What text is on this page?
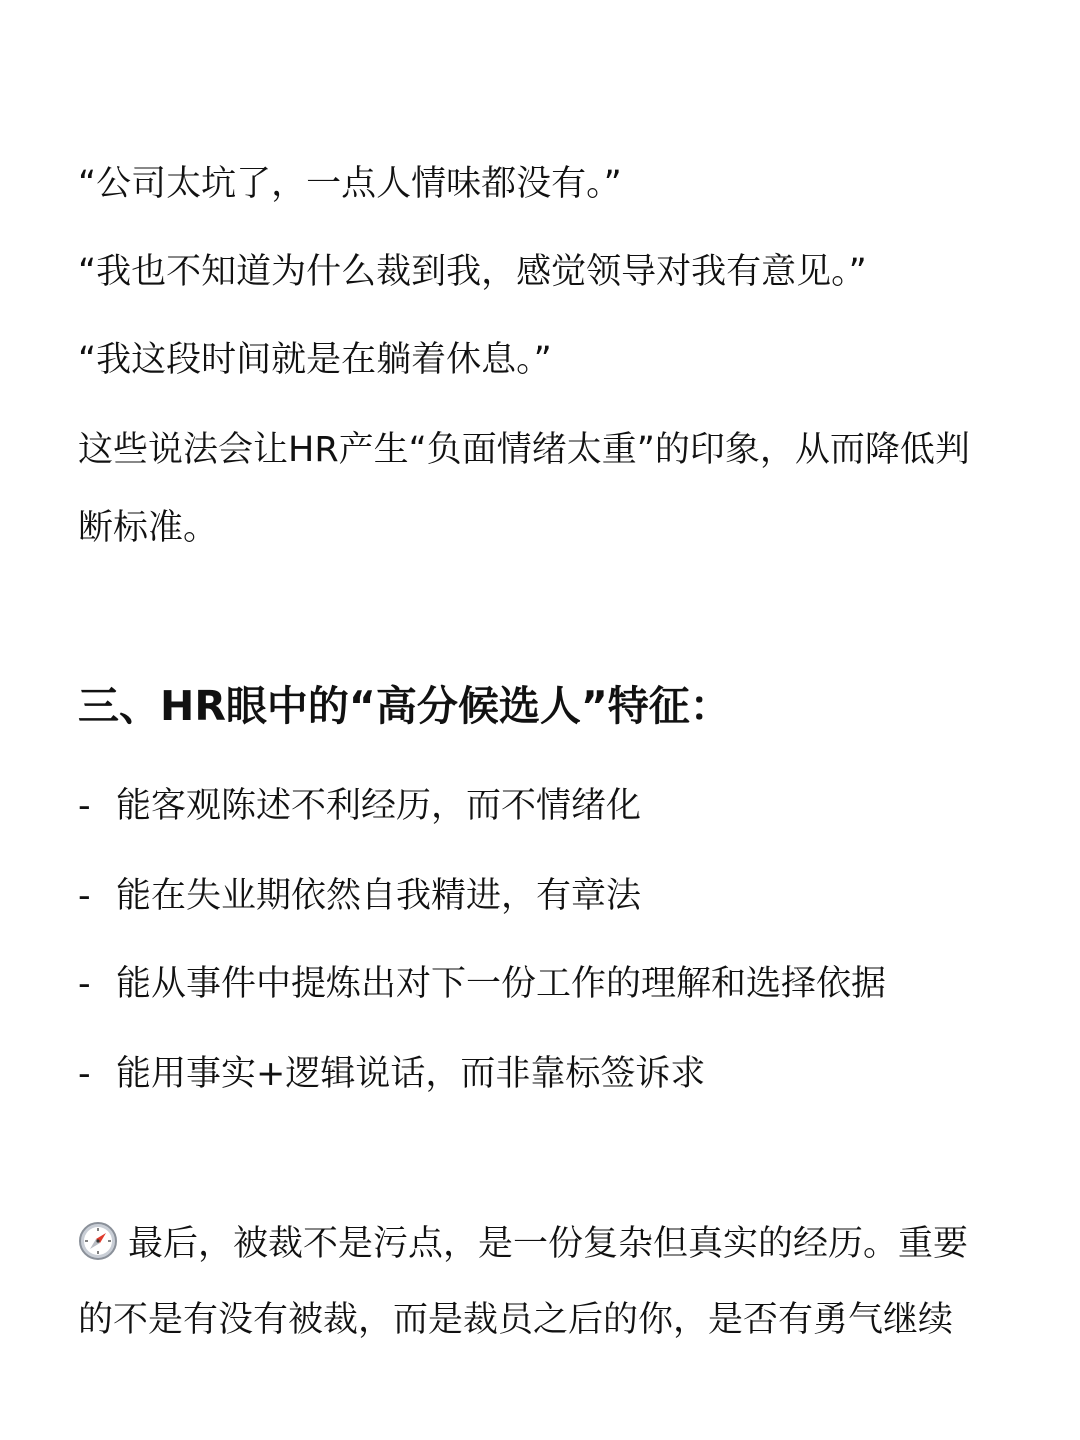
“公司太坑了，一点人情味都没有。”

“我也不知道为什么裁到我，感觉领导对我有意见。”

“我这段时间就是在躺着休息。”

这些说法会让HR产生“负面情绪太重”的印象，从而降低判

断标准。

三、HR眼中的“高分候选人”特征：

- 能客观陈述不利经历，而不情绪化

- 能在失业期依然自我精进，有章法

- 能从事件中提炼出对下一份工作的理解和选择依据

- 能用事实+逻辑说话，而非靠标签诉求

最后，被裁不是污点，是一份复杂但真实的经历。重要

的不是有没有被裁，而是裁员之后的你，是否有勇气继续
